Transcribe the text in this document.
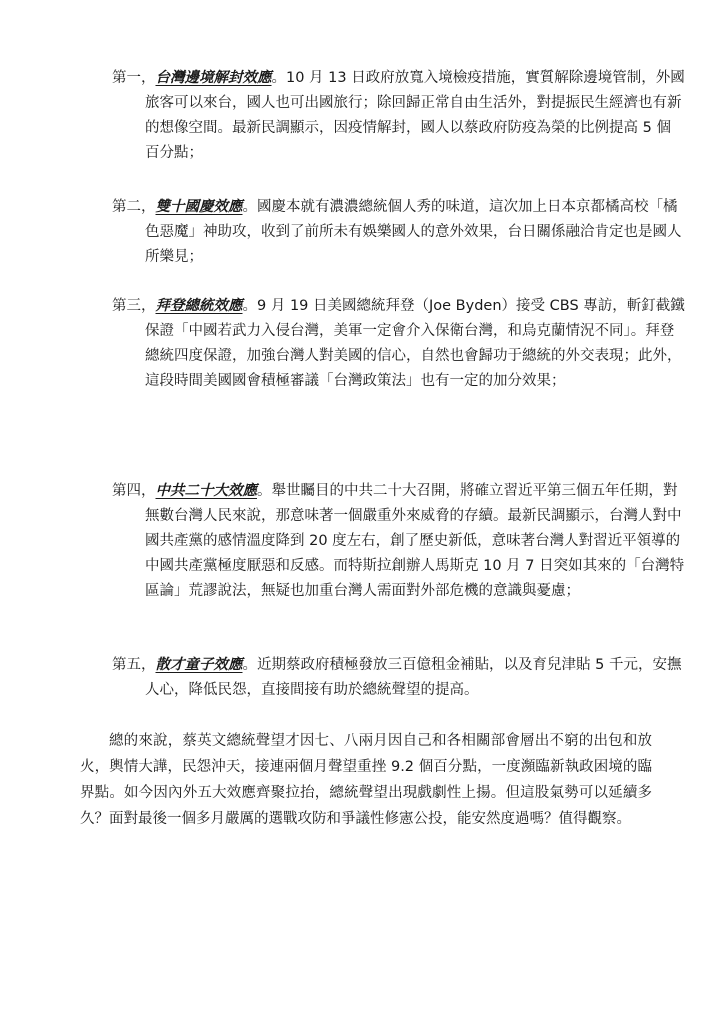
第一，台灣邊境解封效應。10 月 13 日政府放寬入境檢疫措施，實質解除邊境管制，外國旅客可以來台，國人也可出國旅行；除回歸正常自由生活外，對提振民生經濟也有新的想像空間。最新民調顯示，因疫情解封，國人以蔡政府防疫為榮的比例提高 5 個百分點；
第二，雙十國慶效應。國慶本就有濃濃總統個人秀的味道，這次加上日本京都橘高校「橘色惡魔」神助攻，收到了前所未有娛樂國人的意外效果，台日關係融洽肯定也是國人所樂見；
第三，拜登總統效應。9 月 19 日美國總統拜登（Joe Byden）接受 CBS 專訪，斬釘截鐵保證「中國若武力入侵台灣，美軍一定會介入保衛台灣，和烏克蘭情況不同」。拜登總統四度保證，加強台灣人對美國的信心，自然也會歸功于總統的外交表現；此外，這段時間美國國會積極審議「台灣政策法」也有一定的加分效果；
第四，中共二十大效應。舉世矚目的中共二十大召開，將確立習近平第三個五年任期，對無數台灣人民來說，那意味著一個嚴重外來威脅的存續。最新民調顯示，台灣人對中國共產黨的感情溫度降到 20 度左右，創了歷史新低，意味著台灣人對習近平領導的中國共產黨極度厭惡和反感。而特斯拉創辦人馬斯克 10 月 7 日突如其來的「台灣特區論」荒謬說法，無疑也加重台灣人需面對外部危機的意識與憂慮；
第五，散才童子效應。近期蔡政府積極發放三百億租金補貼，以及育兒津貼 5 千元，安撫人心，降低民怨，直接間接有助於總統聲望的提高。
總的來說，蔡英文總統聲望才因七、八兩月因自己和各相關部會層出不窮的出包和放火，輿情大譁，民怨沖天，接連兩個月聲望重挫 9.2 個百分點，一度瀕臨新執政困境的臨界點。如今因內外五大效應齊聚拉抬，總統聲望出現戲劇性上揚。但這股氣勢可以延續多久？面對最後一個多月嚴厲的選戰攻防和爭議性修憲公投，能安然度過嗎？值得觀察。
